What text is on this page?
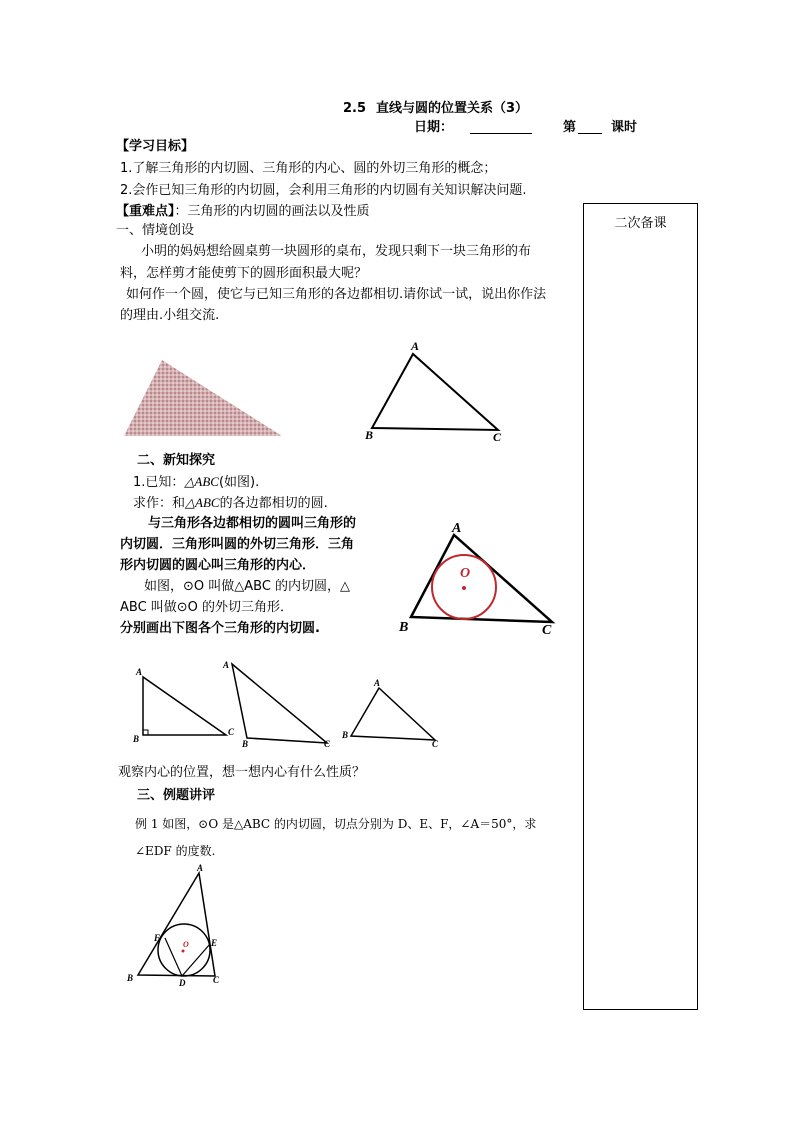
2.5 直线与圆的位置关系（3）
日期：	第	课时
【学习目标】
1.了解三角形的内切圆、三角形的内心、圆的外切三角形的概念；
2.会作已知三角形的内切圆，会利用三角形的内切圆有关知识解决问题.
【重难点】：三角形的内切圆的画法以及性质
二次备课
一、情境创设
小明的妈妈想给圆桌剪一块圆形的桌布，发现只剩下一块三角形的布
料，怎样剪才能使剪下的圆形面积最大呢？
如何作一个圆，使它与已知三角形的各边都相切.请你试一试，说出你作法
的理由.小组交流.
A
B	C
二、新知探究
1.已知：△ABC(如图).
求作：和△ABC的各边都相切的圆.
与三角形各边都相切的圆叫三角形的
内切圆．三角形叫圆的外切三角形．三角
形内切圆的圆心叫三角形的内心．
如图，⊙O 叫做△ABC 的内切圆，△
ABC 叫做⊙O 的外切三角形．
分别画出下图各个三角形的内切圆.
O
A
B	C
A
B
C
A
B	C
A
B
C
观察内心的位置，想一想内心有什么性质？
三、例题讲评
例 1 如图，⊙O 是△ABC 的内切圆，切点分别为 D、E、F，∠A＝50°，求
∠EDF 的度数.
A
B	C
D
E
F
O
